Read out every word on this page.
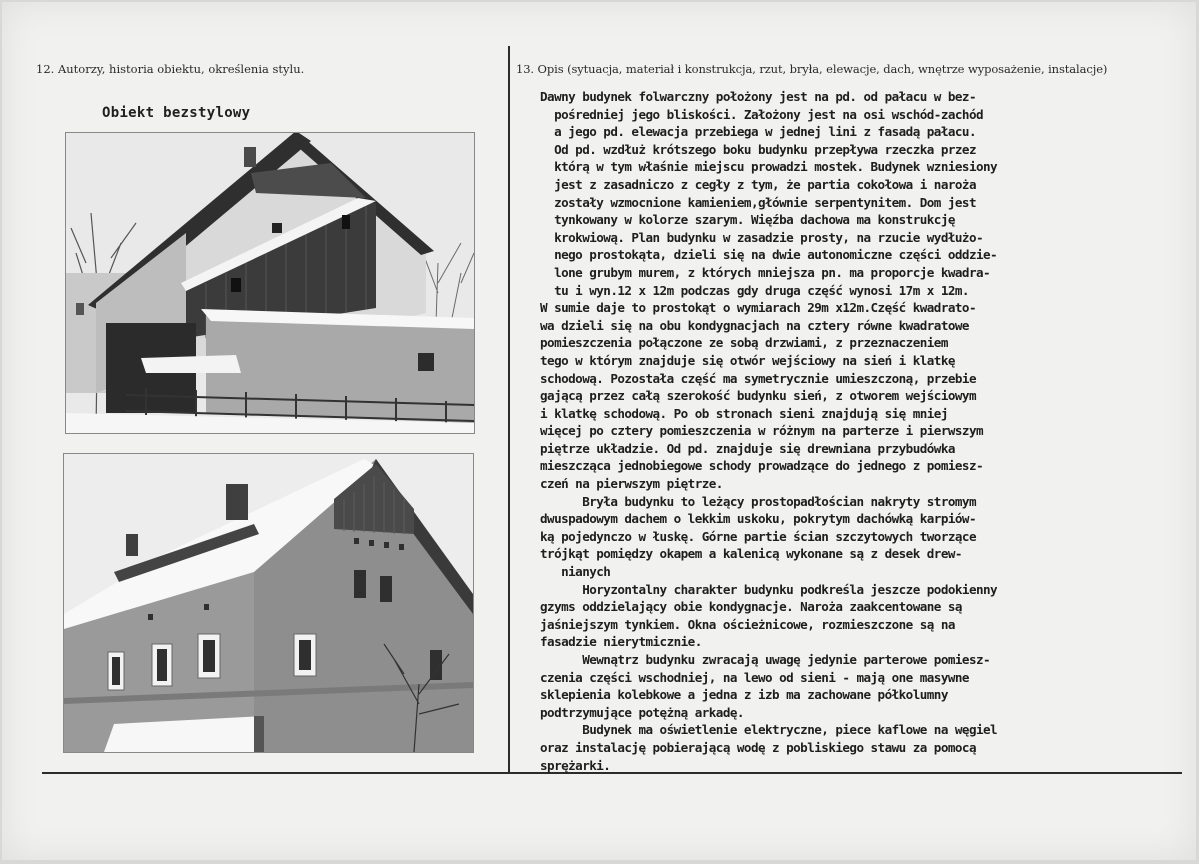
12. Autorzy, historia obiektu, określenia stylu.	13. Opis (sytuacja, materiał i konstrukcja, rzut, bryła, elewacje, dach, wnętrze wyposażenie, instalacje)
Obiekt bezstylowy
Dawny budynek folwarczny położony jest na pd. od pałacu w bez-
pośredniej jego bliskości. Założony jest na osi wschód-zachód
a jego pd. elewacja przebiega w jednej lini z fasadą pałacu.
Od pd. wzdłuż krótszego boku budynku przepływa rzeczka przez
którą w tym właśnie miejscu prowadzi mostek. Budynek wzniesiony
jest z zasadniczo z cegły z tym, że partia cokołowa i naroża
zostały wzmocnione kamieniem,głównie serpentynitem. Dom jest
tynkowany w kolorze szarym. Więźba dachowa ma konstrukcję
krokwiową. Plan budynku w zasadzie prosty, na rzucie wydłużo-
nego prostokąta, dzieli się na dwie autonomiczne części oddzie-
lone grubym murem, z których mniejsza pn. ma proporcje kwadra-
tu i wyn.12 x 12m podczas gdy druga część wynosi 17m x 12m.
W sumie daje to prostokąt o wymiarach 29m x12m.Część kwadrato-
wa dzieli się na obu kondygnacjach na cztery równe kwadratowe
pomieszczenia połączone ze sobą drzwiami, z przeznaczeniem
tego w którym znajduje się otwór wejściowy na sień i klatkę
schodową. Pozostała część ma symetrycznie umieszczoną, przebie
gającą przez całą szerokość budynku sień, z otworem wejściowym
i klatkę schodową. Po ob stronach sieni znajdują się mniej
więcej po cztery pomieszczenia w różnym na parterze i pierwszym
piętrze układzie. Od pd. znajduje się drewniana przybudówka
mieszcząca jednobiegowe schody prowadzące do jednego z pomiesz-
czeń na pierwszym piętrze.
Bryła budynku to leżący prostopadłościan nakryty stromym
dwuspadowym dachem o lekkim uskoku, pokrytym dachówką karpiów-
ką pojedynczo w łuskę. Górne partie ścian szczytowych tworzące
trójkąt pomiędzy okapem a kalenicą wykonane są z desek drew-
nianych
Horyzontalny charakter budynku podkreśla jeszcze podokienny
gzyms oddzielający obie kondygnacje. Naroża zaakcentowane są
jaśniejszym tynkiem. Okna ościeżnicowe, rozmieszczone są na
fasadzie nierytmicznie.
Wewnątrz budynku zwracają uwagę jedynie parterowe pomiesz-
czenia części wschodniej, na lewo od sieni - mają one masywne
sklepienia kolebkowe a jedna z izb ma zachowane półkolumny
podtrzymujące potężną arkadę.
Budynek ma oświetlenie elektryczne, piece kaflowe na węgiel
oraz instalację pobierającą wodę z pobliskiego stawu za pomocą
sprężarki.
